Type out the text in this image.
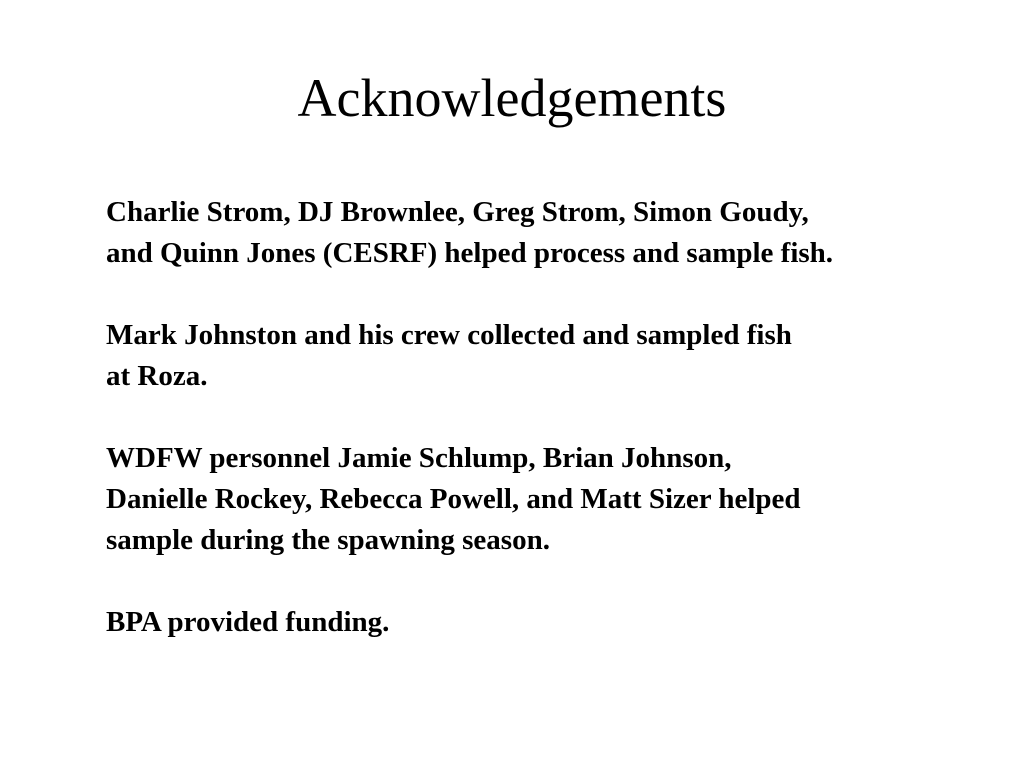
Acknowledgements

Charlie Strom, DJ Brownlee, Greg Strom, Simon Goudy,
and Quinn Jones (CESRF) helped process and sample fish.

Mark Johnston and his crew collected and sampled fish
at Roza.

WDFW personnel Jamie Schlump, Brian Johnson,
Danielle Rockey, Rebecca Powell, and Matt Sizer helped
sample during the spawning season.

BPA provided funding.
